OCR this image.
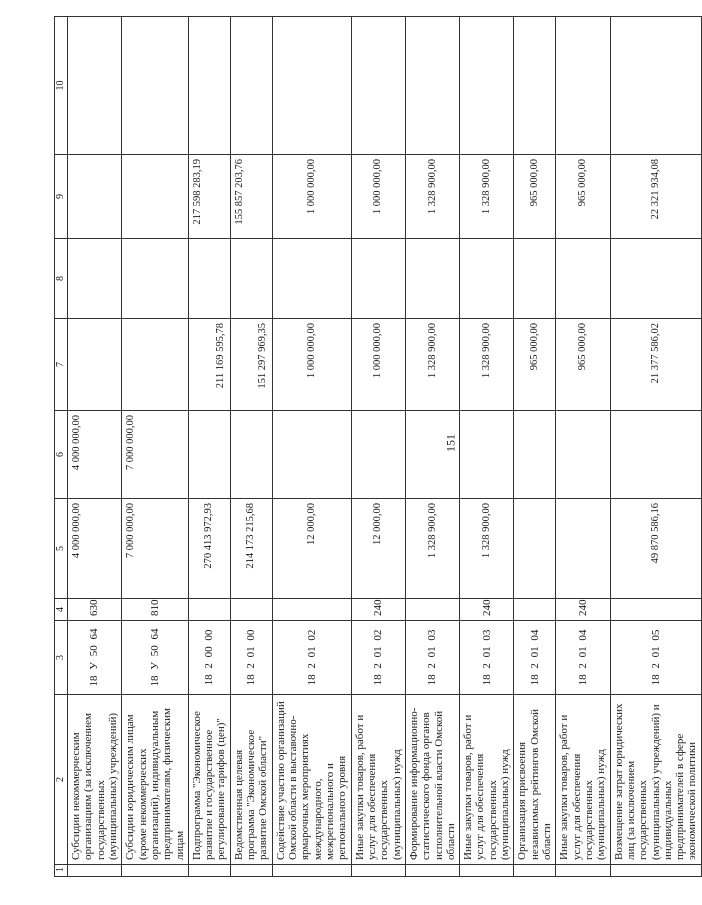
151
1	2	3	4	5	6	7	8	9	10
	Субсидии некоммерческим организациям (за исключением государственных (муниципальных) учреждений)	18 У 50 64	630	4 000 000,00	4 000 000,00				
	Субсидии юридическим лицам (кроме некоммерческих организаций), индивидуальным предпринимателям, физическим лицам	18 У 50 64	810	7 000 000,00	7 000 000,00				
	Подпрограмма "Экономическое развитие и государственное регулирование тарифов (цен)"	18 2 00 00		270 413 972,93		211 169 595,78		217 598 283,19	
	Ведомственная целевая программа "Экономическое развитие Омской области"	18 2 01 00		214 173 215,68		151 297 969,35		155 857 203,76	
	Содействие участию организаций Омской области в выставочно-ярмарочных мероприятиях международного, межрегионального и регионального уровня	18 2 01 02		12 000,00		1 000 000,00		1 000 000,00	
	Иные закупки товаров, работ и услуг для обеспечения государственных (муниципальных) нужд	18 2 01 02	240	12 000,00		1 000 000,00		1 000 000,00	
	Формирование информационно-статистического фонда органов исполнительной власти Омской области	18 2 01 03		1 328 900,00		1 328 900,00		1 328 900,00	
	Иные закупки товаров, работ и услуг для обеспечения государственных (муниципальных) нужд	18 2 01 03	240	1 328 900,00		1 328 900,00		1 328 900,00	
	Организация присвоения независимых рейтингов Омской области	18 2 01 04				965 000,00		965 000,00	
	Иные закупки товаров, работ и услуг для обеспечения государственных (муниципальных) нужд	18 2 01 04	240			965 000,00		965 000,00	
	Возмещение затрат юридических лиц (за исключением государственных (муниципальных) учреждений) и индивидуальных предпринимателей в сфере экономической политики	18 2 01 05		49 870 586,16		21 377 586,02		22 321 934,08	
